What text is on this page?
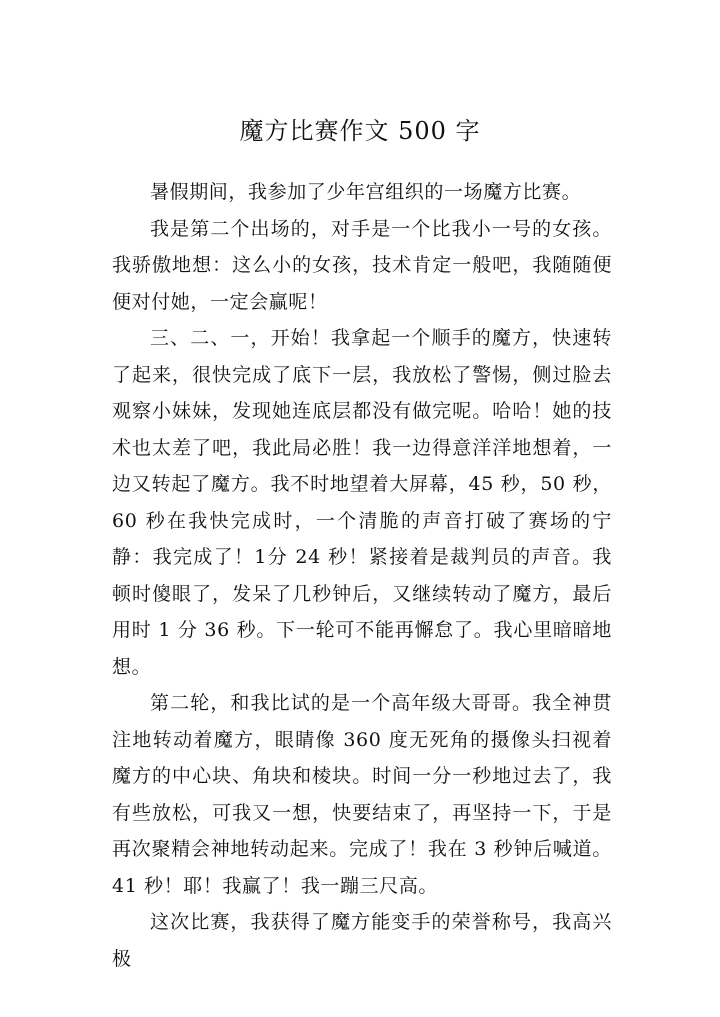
魔方比赛作文 500 字

暑假期间，我参加了少年宫组织的一场魔方比赛。

我是第二个出场的，对手是一个比我小一号的女孩。我骄傲地想：这么小的女孩，技术肯定一般吧，我随随便便对付她，一定会赢呢！

三、二、一，开始！我拿起一个顺手的魔方，快速转了起来，很快完成了底下一层，我放松了警惕，侧过脸去观察小妹妹，发现她连底层都没有做完呢。哈哈！她的技术也太差了吧，我此局必胜！我一边得意洋洋地想着，一边又转起了魔方。我不时地望着大屏幕，45 秒，50 秒，60 秒在我快完成时，一个清脆的声音打破了赛场的宁静：我完成了！1分 24 秒！紧接着是裁判员的声音。我顿时傻眼了，发呆了几秒钟后，又继续转动了魔方，最后用时 1 分 36 秒。下一轮可不能再懈怠了。我心里暗暗地想。

第二轮，和我比试的是一个高年级大哥哥。我全神贯注地转动着魔方，眼睛像 360 度无死角的摄像头扫视着魔方的中心块、角块和棱块。时间一分一秒地过去了，我有些放松，可我又一想，快要结束了，再坚持一下，于是再次聚精会神地转动起来。完成了！我在 3 秒钟后喊道。41 秒！耶！我赢了！我一蹦三尺高。

这次比赛，我获得了魔方能变手的荣誉称号，我高兴极
